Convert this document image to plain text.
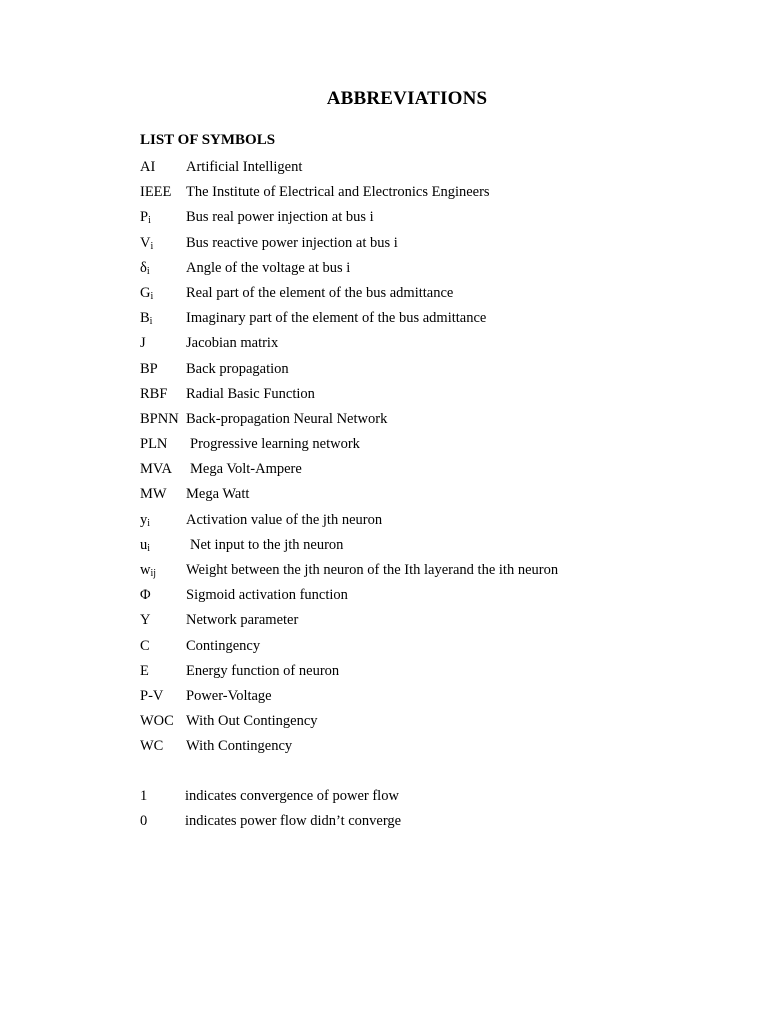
ABBREVIATIONS
LIST OF SYMBOLS
AI Artificial Intelligent
IEEE The Institute of Electrical and Electronics Engineers
$P_i$ Bus real power injection at bus i
$V_i$ Bus reactive power injection at bus i
$\delta_i$	Angle of the voltage at bus i
$G_i$ Real part of the element of the bus admittance
$B_i$ Imaginary part of the element of the bus admittance
J	Jacobian matrix
BP Back propagation
RBF Radial Basic Function
BPNN Back-propagation Neural Network
PLN Progressive learning network
MVA Mega Volt-Ampere
MW Mega Watt
$y_i$ Activation value of the jth neuron
$u_i$	Net input to the jth neuron
$w_{ij}$ Weight between the jth neuron of the Ith layerand the ith neuron
Φ Sigmoid activation function
Y Network parameter
C	Contingency
E	Energy function of neuron
P-V Power-Voltage
WOC With Out Contingency
WC With Contingency
1	indicates convergence of power flow
0	indicates power flow didn’t converge
